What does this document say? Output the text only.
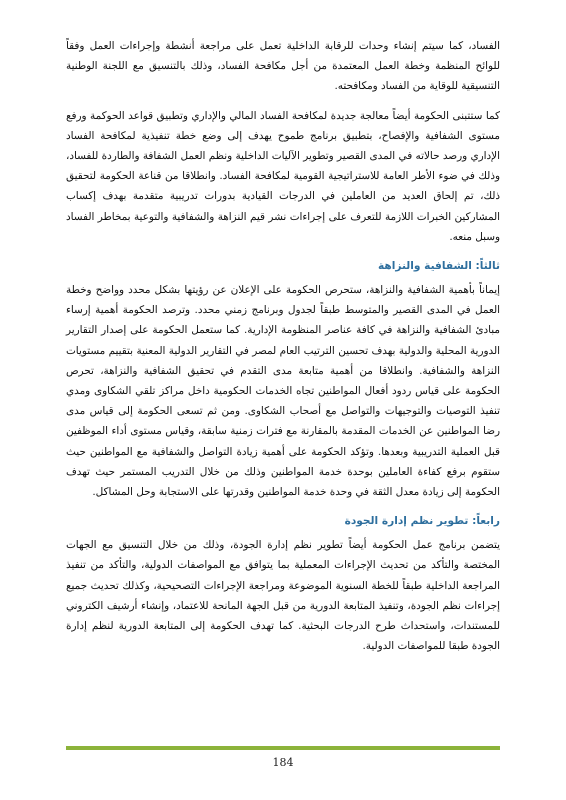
الفساد، كما سيتم إنشاء وحدات للرقابة الداخلية تعمل على مراجعة أنشطة وإجراءات العمل وفقاً للوائح المنظمة وخطة العمل المعتمدة من أجل مكافحة الفساد، وذلك بالتنسيق مع اللجنة الوطنية التنسيقية للوقاية من الفساد ومكافحته.

كما ستتبنى الحكومة أيضاً معالجة جديدة لمكافحة الفساد المالي والإداري وتطبيق قواعد الحوكمة ورفع مستوى الشفافية والإفصاح، بتطبيق برنامج طموح يهدف إلى وضع خطة تنفيذية لمكافحة الفساد الإداري ورصد حالاته في المدى القصير وتطوير الآليات الداخلية ونظم العمل الشفافة والطاردة للفساد، وذلك في ضوء الأطر العامة للاستراتيجية القومية لمكافحة الفساد. وانطلاقا من قناعة الحكومة لتحقيق ذلك، تم إلحاق العديد من العاملين في الدرجات القيادية بدورات تدريبية متقدمة بهدف إكساب المشاركين الخبرات اللازمة للتعرف على إجراءات نشر قيم النزاهة والشفافية والتوعية بمخاطر الفساد وسبل منعه.

ثالثاً: الشفافية والنزاهة

إيماناً بأهمية الشفافية والنزاهة، ستحرص الحكومة على الإعلان عن رؤيتها بشكل محدد وواضح وخطة العمل في المدى القصير والمتوسط طبقاً لجدول وبرنامج زمني محدد. وترصد الحكومة أهمية إرساء مبادئ الشفافية والنزاهة في كافة عناصر المنظومة الإدارية. كما ستعمل الحكومة على إصدار التقارير الدورية المحلية والدولية بهدف تحسين الترتيب العام لمصر في التقارير الدولية المعنية بتقييم مستويات النزاهة والشفافية. وانطلاقا من أهمية متابعة مدى التقدم في تحقيق الشفافية والنزاهة، تحرص الحكومة على قياس ردود أفعال المواطنين تجاه الخدمات الحكومية داخل مراكز تلقي الشكاوى ومدي تنفيذ التوصيات والتوجيهات والتواصل مع أصحاب الشكاوى. ومن ثم تسعى الحكومة إلى قياس مدى رضا المواطنين عن الخدمات المقدمة بالمقارنة مع فترات زمنية سابقة، وقياس مستوى أداء الموظفين قبل العملية التدريبية وبعدها. وتؤكد الحكومة على أهمية زيادة التواصل والشفافية مع المواطنين حيث ستقوم برفع كفاءة العاملين بوحدة خدمة المواطنين وذلك من خلال التدريب المستمر حيث تهدف الحكومة إلى زيادة معدل الثقة في وحدة خدمة المواطنين وقدرتها على الاستجابة وحل المشاكل.

رابعاً: تطوير نظم إدارة الجودة

يتضمن برنامج عمل الحكومة أيضاً تطوير نظم إدارة الجودة، وذلك من خلال التنسيق مع الجهات المختصة والتأكد من تحديث الإجراءات المعملية بما يتوافق مع المواصفات الدولية، والتأكد من تنفيذ المراجعة الداخلية طبقاً للخطة السنوية الموضوعة ومراجعة الإجراءات التصحيحية، وكذلك تحديث جميع إجراءات نظم الجودة، وتنفيذ المتابعة الدورية من قبل الجهة المانحة للاعتماد، وإنشاء أرشيف الكتروني للمستندات، واستحداث طرح الدرجات البحثية. كما تهدف الحكومة إلى المتابعة الدورية لنظم إدارة الجودة طبقا للمواصفات الدولية.

184
